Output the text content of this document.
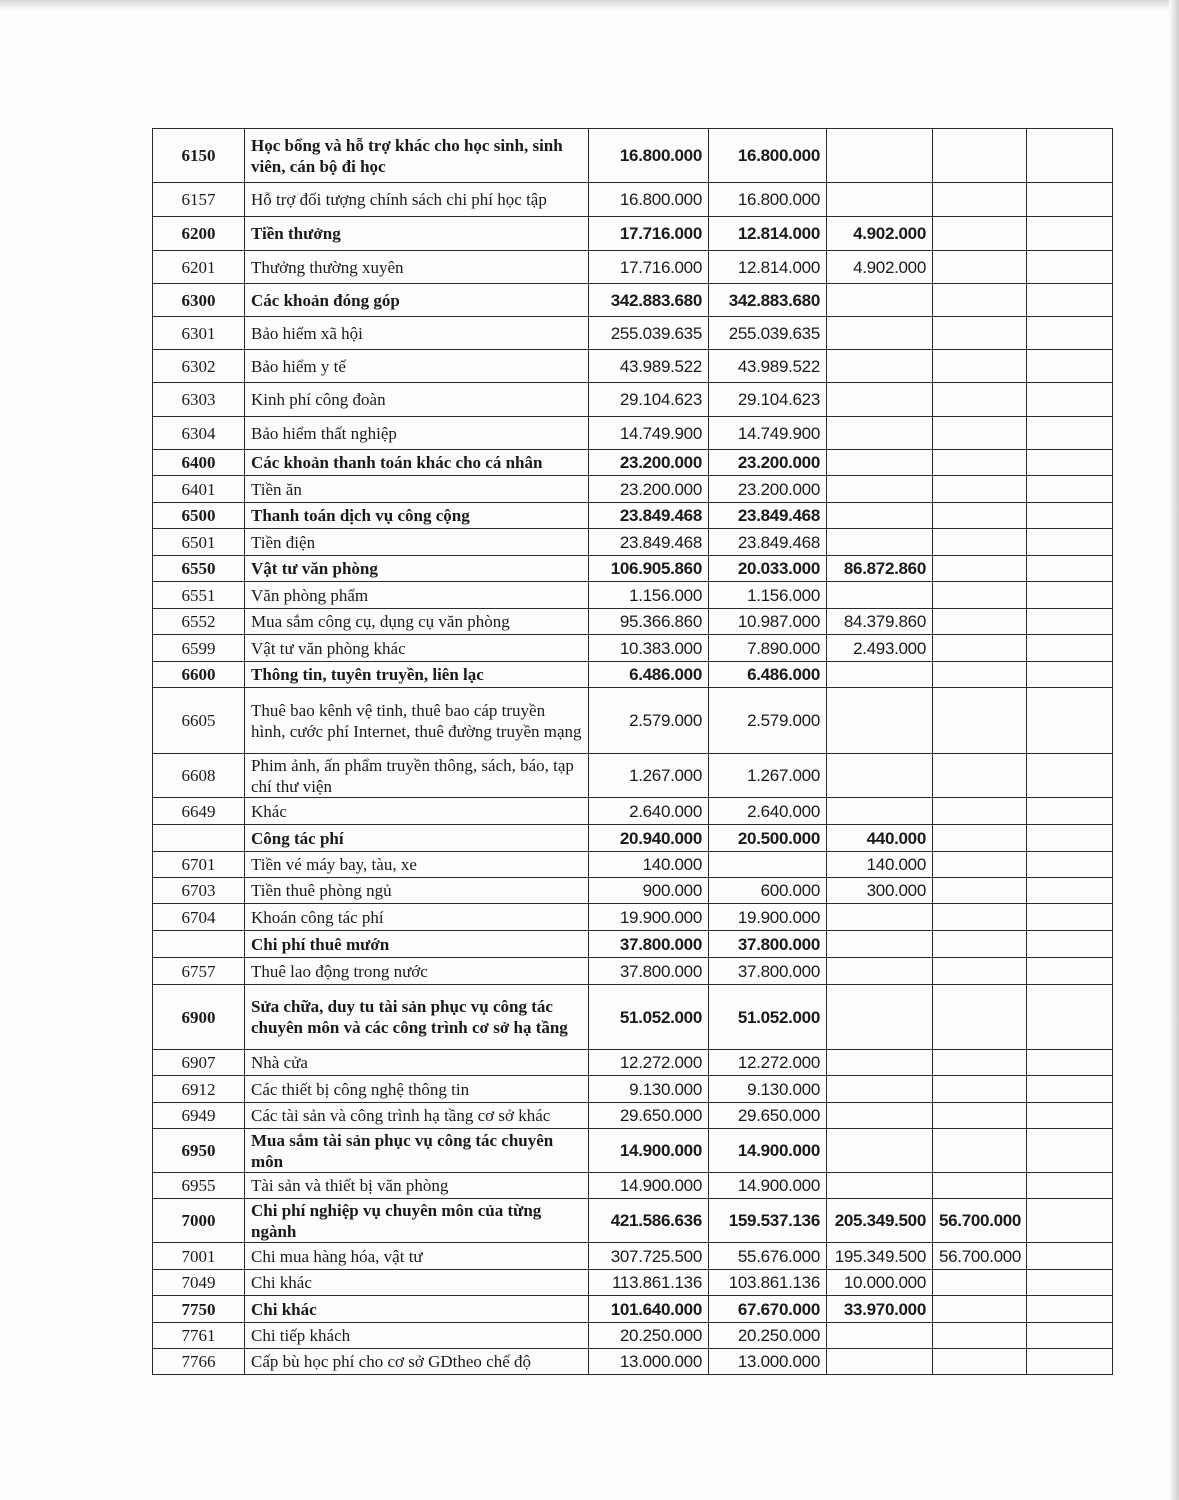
6150	Học bổng và hỗ trợ khác cho học sinh, sinh viên, cán bộ đi học	16.800.000	16.800.000			
6157	Hỗ trợ đối tượng chính sách chi phí học tập	16.800.000	16.800.000			
6200	Tiền thưởng	17.716.000	12.814.000	4.902.000		
6201	Thưởng thường xuyên	17.716.000	12.814.000	4.902.000		
6300	Các khoản đóng góp	342.883.680	342.883.680			
6301	Bảo hiểm xã hội	255.039.635	255.039.635			
6302	Bảo hiểm y tế	43.989.522	43.989.522			
6303	Kinh phí công đoàn	29.104.623	29.104.623			
6304	Bảo hiểm thất nghiệp	14.749.900	14.749.900			
6400	Các khoản thanh toán khác cho cá nhân	23.200.000	23.200.000			
6401	Tiền ăn	23.200.000	23.200.000			
6500	Thanh toán dịch vụ công cộng	23.849.468	23.849.468			
6501	Tiền điện	23.849.468	23.849.468			
6550	Vật tư văn phòng	106.905.860	20.033.000	86.872.860		
6551	Văn phòng phẩm	1.156.000	1.156.000			
6552	Mua sắm công cụ, dụng cụ văn phòng	95.366.860	10.987.000	84.379.860		
6599	Vật tư văn phòng khác	10.383.000	7.890.000	2.493.000		
6600	Thông tin, tuyên truyền, liên lạc	6.486.000	6.486.000			
6605	Thuê bao kênh vệ tinh, thuê bao cáp truyền hình, cước phí Internet, thuê đường truyền mạng	2.579.000	2.579.000			
6608	Phim ảnh, ấn phẩm truyền thông, sách, báo, tạp chí thư viện	1.267.000	1.267.000			
6649	Khác	2.640.000	2.640.000			
	Công tác phí	20.940.000	20.500.000	440.000		
6701	Tiền vé máy bay, tàu, xe	140.000		140.000		
6703	Tiền thuê phòng ngủ	900.000	600.000	300.000		
6704	Khoán công tác phí	19.900.000	19.900.000			
	Chi phí thuê mướn	37.800.000	37.800.000			
6757	Thuê lao động trong nước	37.800.000	37.800.000			
6900	Sửa chữa, duy tu tài sản phục vụ công tác chuyên môn và các công trình cơ sở hạ tầng	51.052.000	51.052.000			
6907	Nhà cửa	12.272.000	12.272.000			
6912	Các thiết bị công nghệ thông tin	9.130.000	9.130.000			
6949	Các tài sản và công trình hạ tầng cơ sở khác	29.650.000	29.650.000			
6950	Mua sắm tài sản phục vụ công tác chuyên môn	14.900.000	14.900.000			
6955	Tài sản và thiết bị văn phòng	14.900.000	14.900.000			
7000	Chi phí nghiệp vụ chuyên môn của từng ngành	421.586.636	159.537.136	205.349.500	56.700.000	
7001	Chi mua hàng hóa, vật tư	307.725.500	55.676.000	195.349.500	56.700.000	
7049	Chi khác	113.861.136	103.861.136	10.000.000		
7750	Chi khác	101.640.000	67.670.000	33.970.000		
7761	Chi tiếp khách	20.250.000	20.250.000			
7766	Cấp bù học phí cho cơ sở GDtheo chế độ	13.000.000	13.000.000			
